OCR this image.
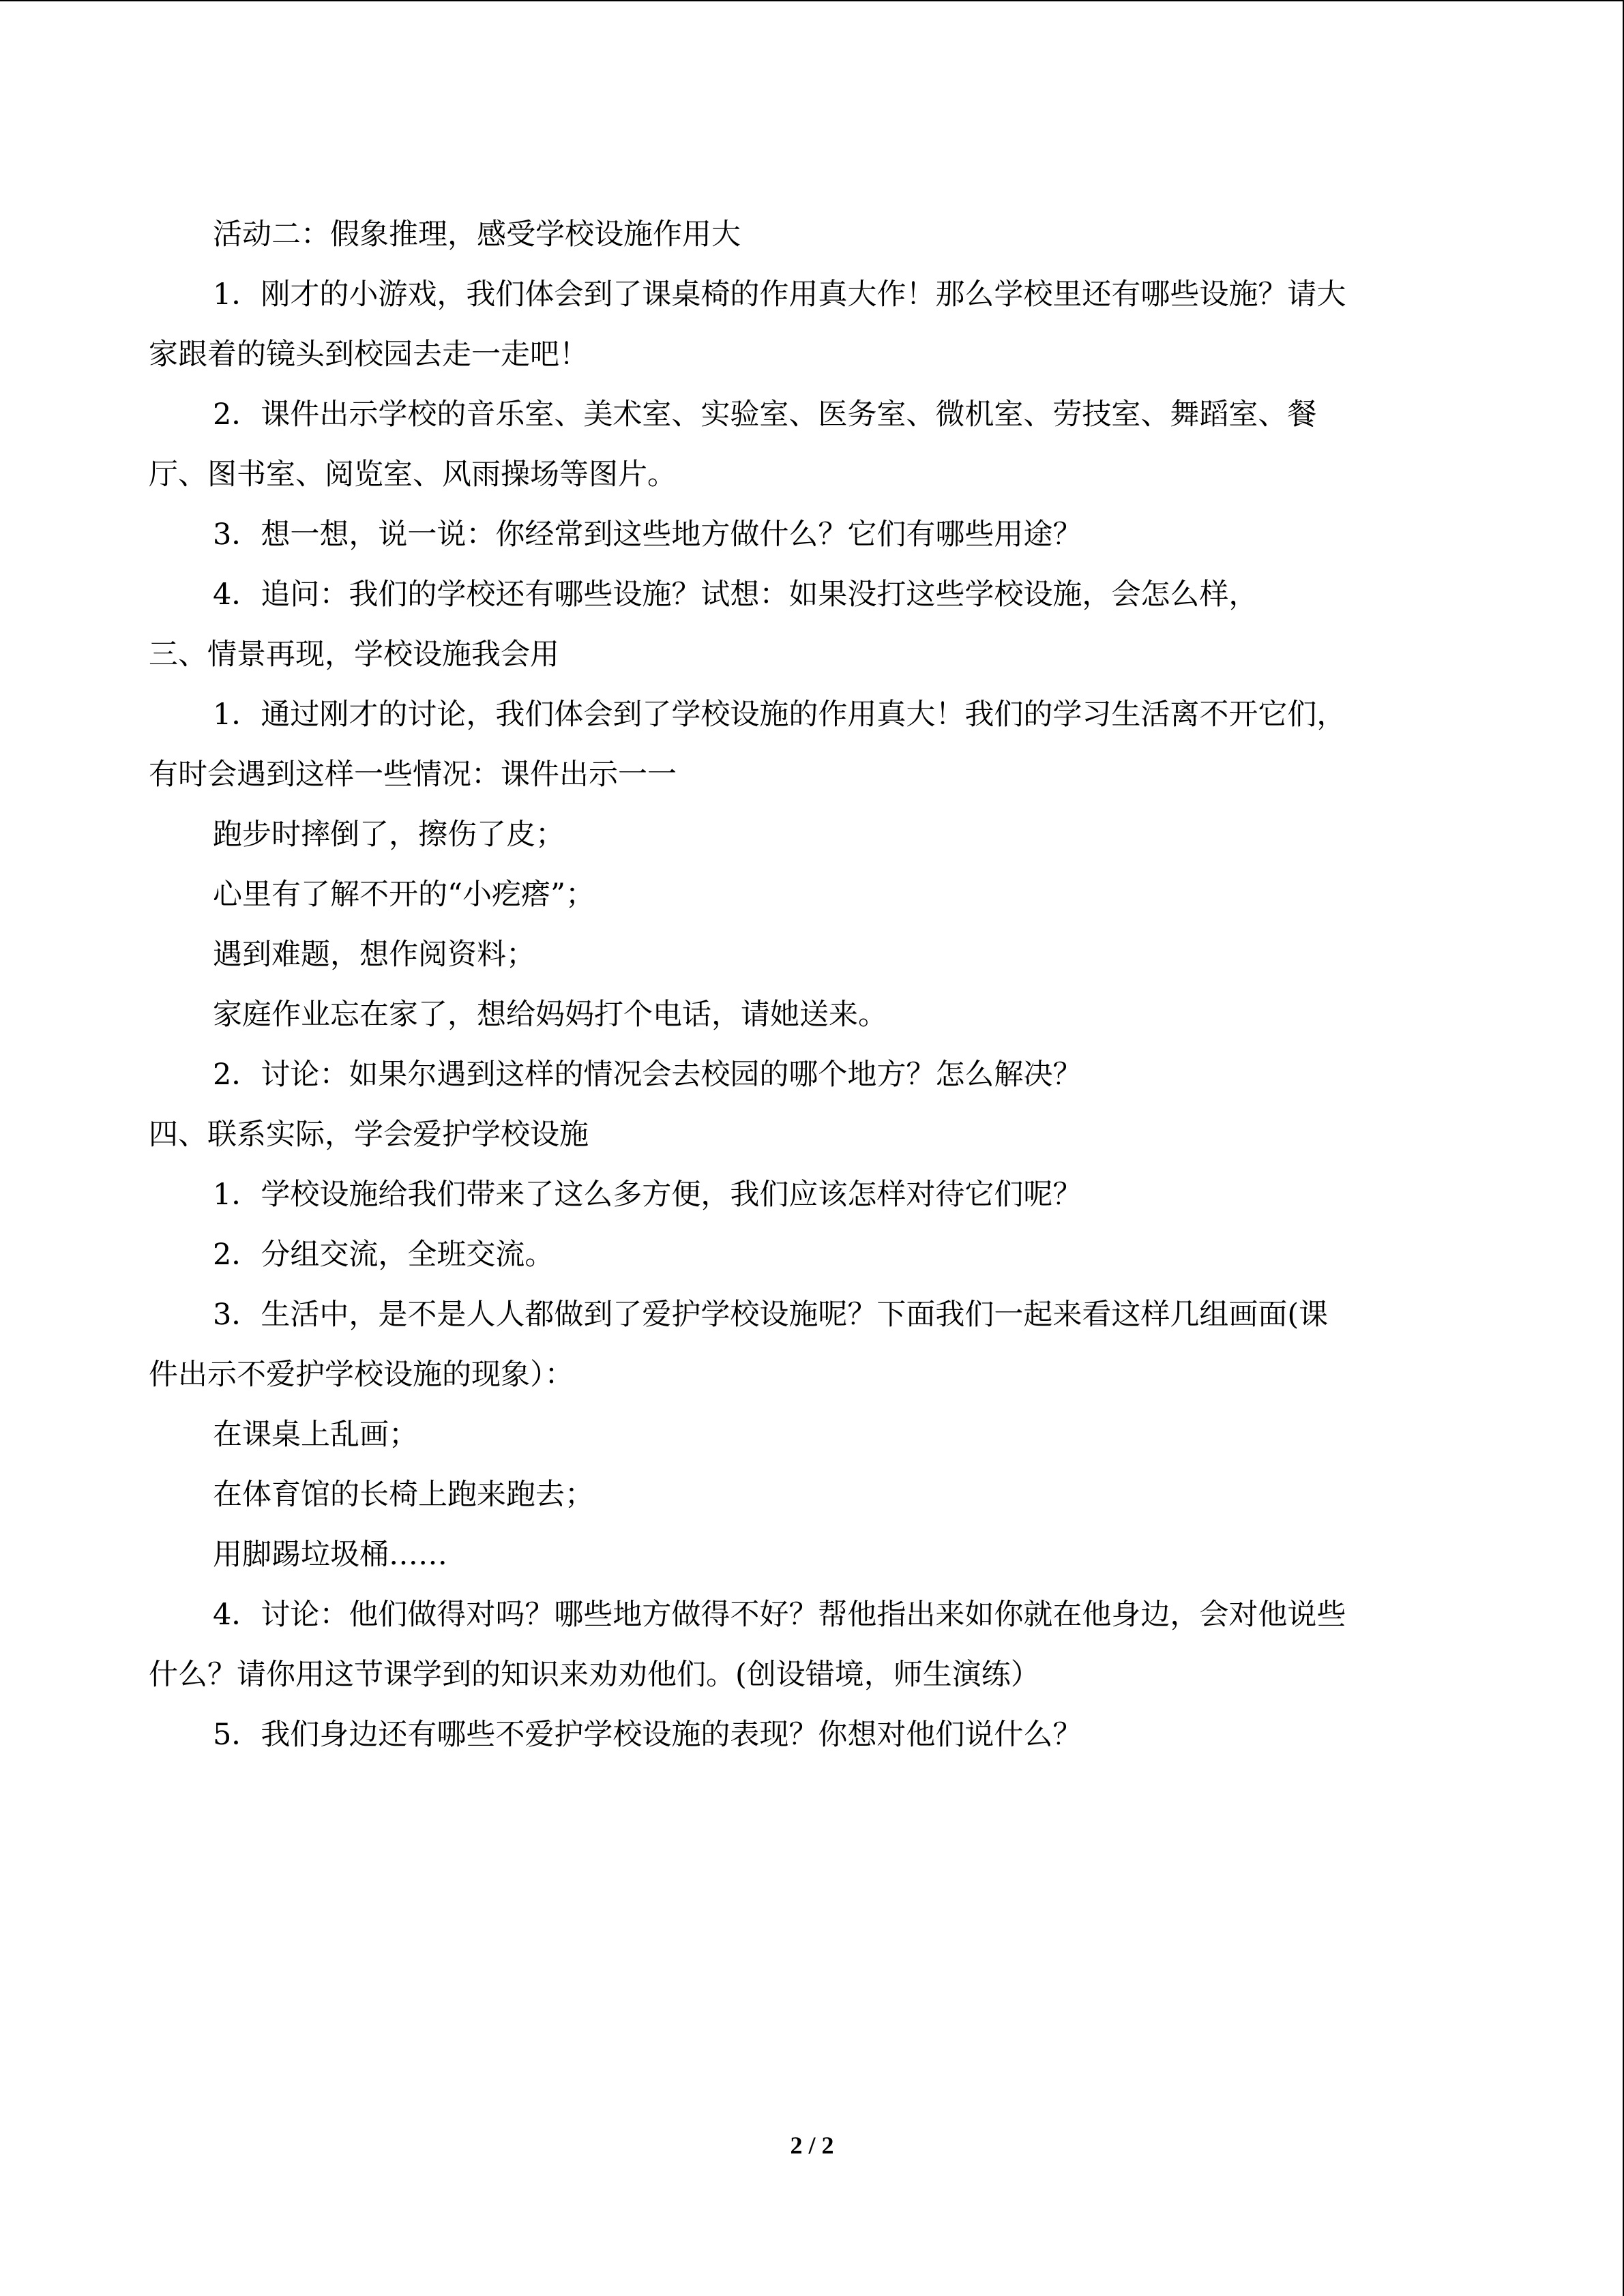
活动二：假象推理，感受学校设施作用大
1．刚才的小游戏，我们体会到了课桌椅的作用真大作！那么学校里还有哪些设施？请大
家跟着的镜头到校园去走一走吧！
2．课件出示学校的音乐室、美术室、实验室、医务室、微机室、劳技室、舞蹈室、餐
厅、图书室、阅览室、风雨操场等图片。
3．想一想，说一说：你经常到这些地方做什么？它们有哪些用途？
4．追问：我们的学校还有哪些设施？试想：如果没打这些学校设施，会怎么样，
三、情景再现，学校设施我会用
1．通过刚才的讨论，我们体会到了学校设施的作用真大！我们的学习生活离不开它们，
有时会遇到这样一些情况：课件出示一一
跑步时摔倒了，擦伤了皮；
心里有了解不开的“小疙瘩”；
遇到难题，想作阅资料；
家庭作业忘在家了，想给妈妈打个电话，请她送来。
2．讨论：如果尔遇到这样的情况会去校园的哪个地方？怎么解决？
四、联系实际，学会爱护学校设施
1．学校设施给我们带来了这么多方便，我们应该怎样对待它们呢？
2．分组交流，全班交流。
3．生活中，是不是人人都做到了爱护学校设施呢？下面我们一起来看这样几组画面(课
件出示不爱护学校设施的现象）：
在课桌上乱画；
在体育馆的长椅上跑来跑去；
用脚踢垃圾桶……
4．讨论：他们做得对吗？哪些地方做得不好？帮他指出来如你就在他身边，会对他说些
什么？请你用这节课学到的知识来劝劝他们。(创设错境，师生演练）
5．我们身边还有哪些不爱护学校设施的表现？你想对他们说什么？
2 / 2
